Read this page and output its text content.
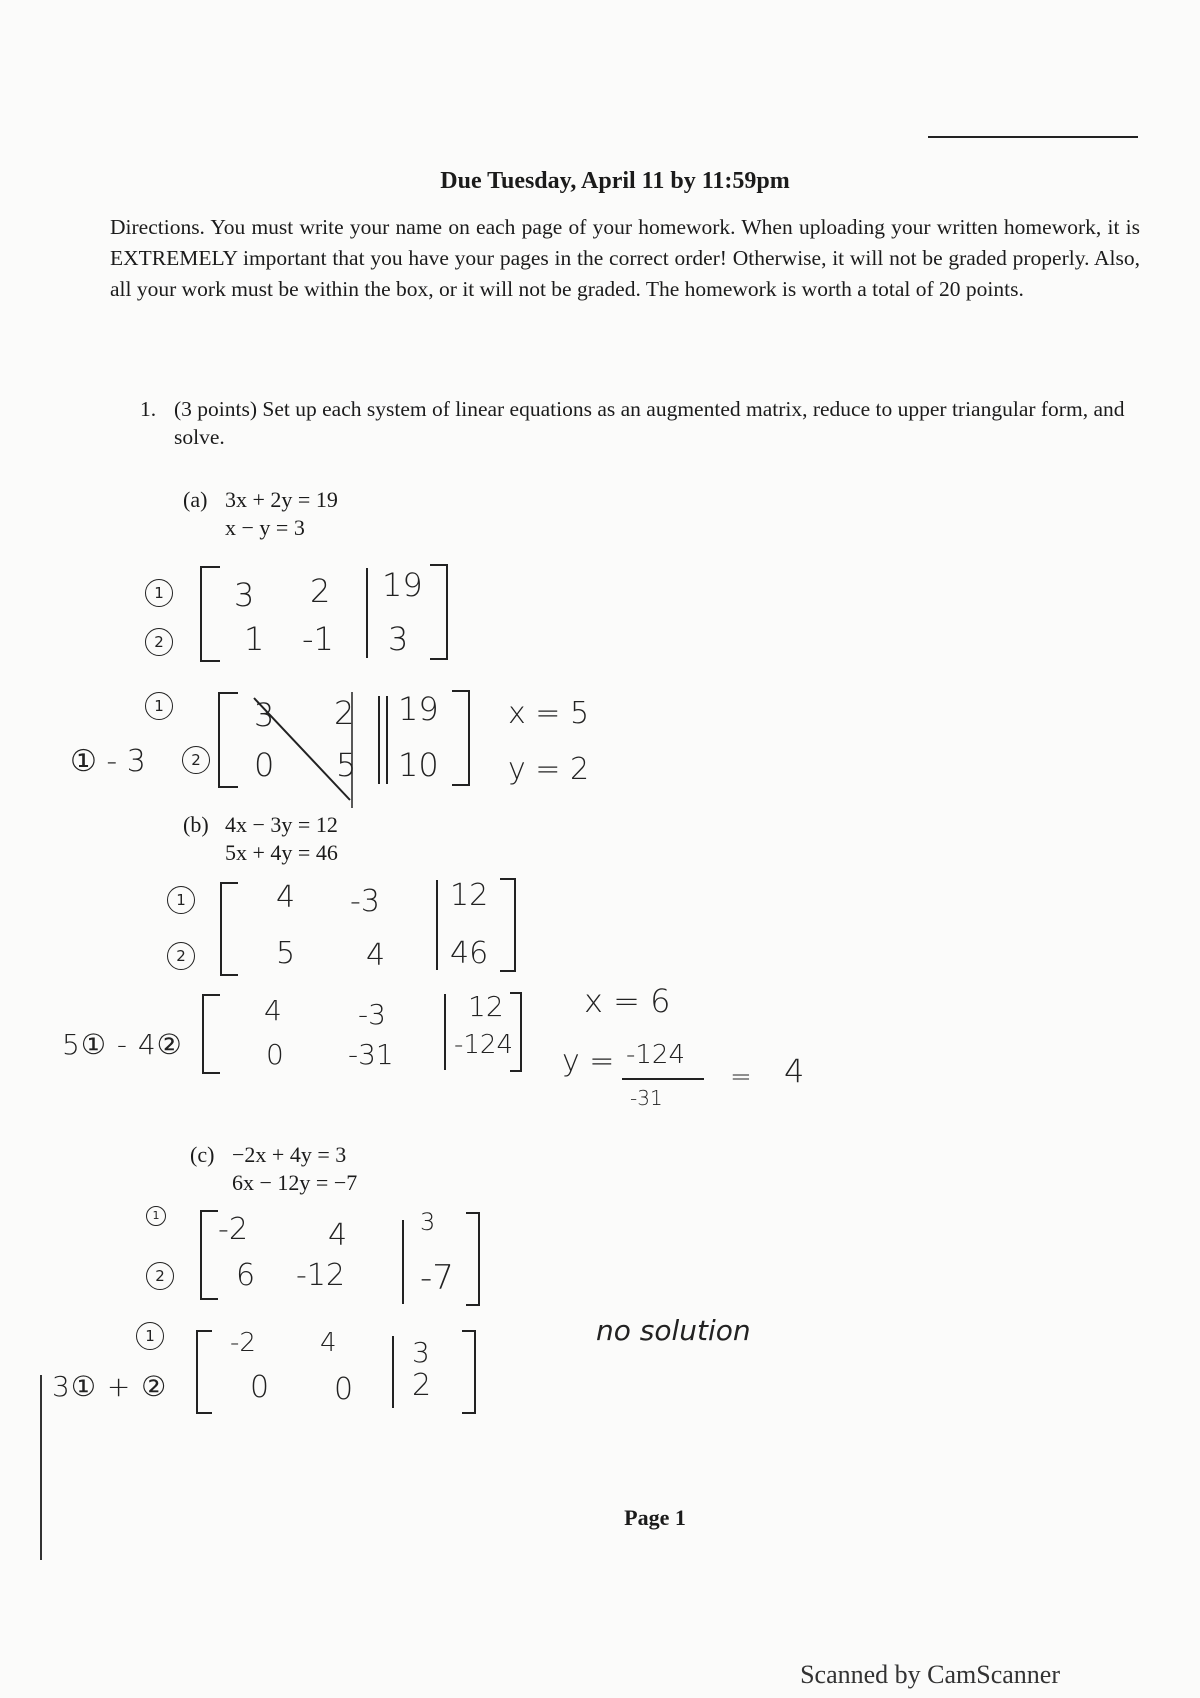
Due Tuesday, April 11 by 11:59pm
Directions. You must write your name on each page of your homework. When uploading your written homework, it is EXTREMELY important that you have your pages in the correct order! Otherwise, it will not be graded properly. Also, all your work must be within the box, or it will not be graded. The homework is worth a total of 20 points.
1. (3 points) Set up each system of linear equations as an augmented matrix, reduce to upper triangular form, and solve.
(a) 3x + 2y = 19
x − y = 3
1
2
3 2 19
1 -1 3
1
① - 3	2
3 2 19
0 5 10
x = 5
y = 2
(b) 4x − 3y = 12
5x + 4y = 46
1
2
4 -3 12
5 4 46
5① - 4②
4	-3	12
0 -31 -124
x = 6
y = -124
-31
= 4
(c) −2x + 4y = 3
6x − 12y = −7
1
2
-2	4	3
6 -12 -7
1
3① + ②
-2 4	3
0 0 2
no solution
Page 1
Scanned by CamScanner
